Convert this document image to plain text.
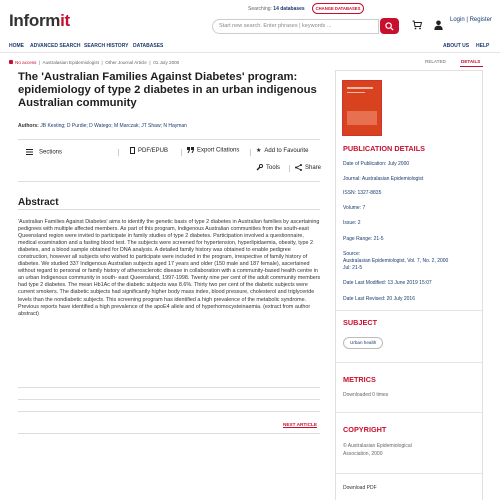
Informit
Searching: 14 databases	CHANGE DATABASES
Start new search. Enter phrases | keywords ...
Login | Register
HOME ADVANCED SEARCH SEARCH HISTORY DATABASES	ABOUT US HELP
No access  |  Australasian Epidemiologist  |  Other Journal Article  |  01 July 2000	RELATED	DETAILS
The 'Australian Families Against Diabetes' program: epidemiology of type 2 diabetes in an urban indigenous Australian community
Authors: JB Kesting; D Purdie; D Watego; M Marczak; JT Shaw; N Hayman
Sections	PDF/EPUB	Export Citations	★ Add to Favourite
Tools	Share
Abstract
'Australian Families Against Diabetes' aims to identify the genetic basis of type 2 diabetes in Australian families by ascertaining pedigrees with multiple affected members. As part of this program, Indigenous Australian communities from the south-east Queensland region were invited to participate in family studies of type 2 diabetes. Participation involved a questionnaire, medical examination and a fasting blood test. The subjects were screened for hypertension, hyperlipidaemia, obesity, type 2 diabetes, and a blood sample obtained for DNA analysis. A detailed family history was obtained to enable pedigree construction, however all subjects who wished to participate were included in the program, irrespective of family history of diabetes. We studied 337 Indigenous Australian subjects aged 17 years and older (150 male and 187 female), ascertained without regard to personal or family history of atherosclerotic disease in collaboration with a community-based health centre in an urban Indigenous community in south- east Queensland, 1997-1998. Twenty nine per cent of the adult community members had type 2 diabetes. The mean Hb1Ac of the diabetic subjects was 8.6%. Thirty two per cent of the diabetic subjects were current smokers. The diabetic subjects had significantly higher body mass index, blood pressure, cholesterol and triglyceride levels than the nondiabetic subjects. This screening program has identified a high prevalence of the metabolic syndrome. Previous reports have identified a high prevalence of the apoE4 allele and of hyperhomocysteinaemia. (extract from author abstract)
NEXT ARTICLE
PUBLICATION DETAILS
Date of Publication: July 2000
Journal: Australasian Epidemiologist
ISSN: 1327-8835
Volume: 7
Issue: 2
Page Range: 21-5
Source:
Australasian Epidemiologist, Vol. 7, No. 2, 2000
Jul: 21-5
Date Last Modified: 13 June 2019 15:07
Date Last Revised: 20 July 2016
SUBJECT
Urban health
METRICS
Downloaded 0 times
COPYRIGHT
© Australasian Epidemiological
Association, 2000
Download PDF
